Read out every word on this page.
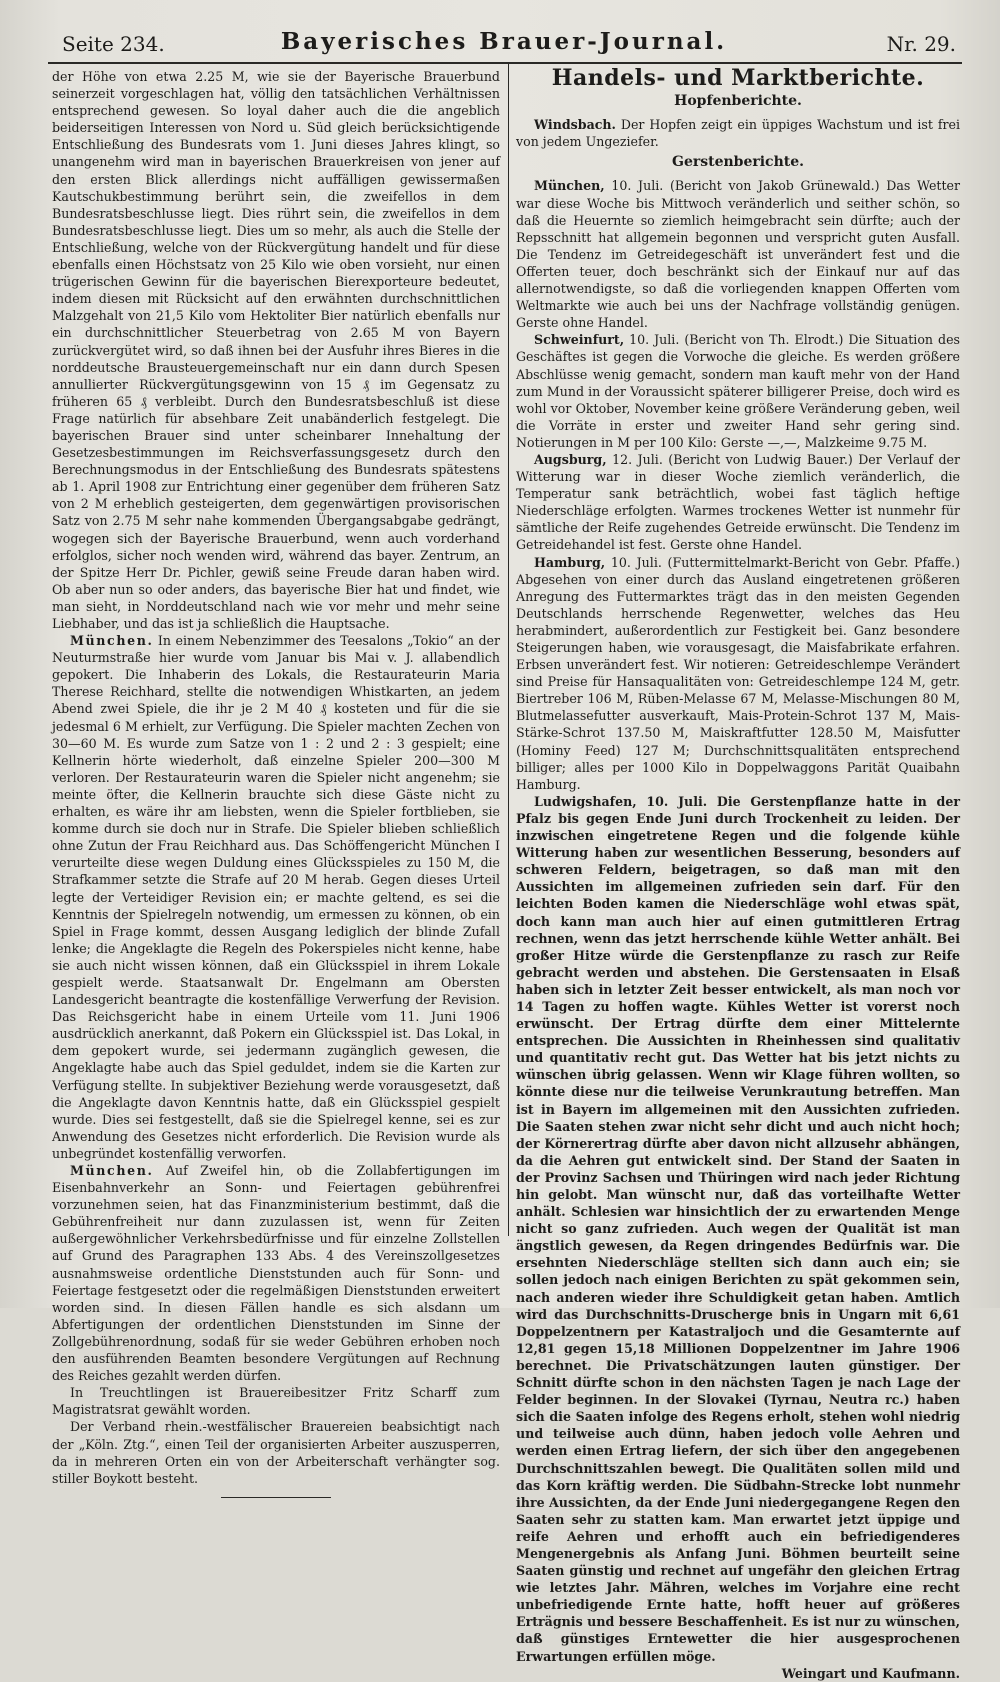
Seite 234.	Bayerisches Brauer-Journal.	Nr. 29.

der Höhe von etwa 2.25 M, wie sie der Bayerische Brauerbund seinerzeit vorgeschlagen hat, völlig den tatsächlichen Verhältnissen entsprechend gewesen. So loyal daher auch die die angeblich beiderseitigen Interessen von Nord u. Süd gleich berücksichtigende Entschließung des Bundesrats vom 1. Juni dieses Jahres klingt, so unangenehm wird man in bayerischen Brauerkreisen von jener auf den ersten Blick allerdings nicht auffälligen gewissermaßen Kautschukbestimmung berührt sein, die zweifellos in dem Bundesratsbeschlusse liegt. Dies rührt sein, die zweifellos in dem Bundesratsbeschlusse liegt. Dies um so mehr, als auch die Stelle der Entschließung, welche von der Rückvergütung handelt und für diese ebenfalls einen Höchstsatz von 25 Kilo wie oben vorsieht, nur einen trügerischen Gewinn für die bayerischen Bierexporteure bedeutet, indem diesen mit Rücksicht auf den erwähnten durchschnittlichen Malzgehalt von 21,5 Kilo vom Hektoliter Bier natürlich ebenfalls nur ein durchschnittlicher Steuerbetrag von 2.65 M von Bayern zurückvergütet wird, so daß ihnen bei der Ausfuhr ihres Bieres in die norddeutsche Brausteuergemeinschaft nur ein dann durch Spesen annullierter Rückvergütungsgewinn von 15 ₰ im Gegensatz zu früheren 65 ₰ verbleibt. Durch den Bundesratsbeschluß ist diese Frage natürlich für absehbare Zeit unabänderlich festgelegt. Die bayerischen Brauer sind unter scheinbarer Innehaltung der Gesetzesbestimmungen im Reichsverfassungsgesetz durch den Berechnungsmodus in der Entschließung des Bundesrats spätestens ab 1. April 1908 zur Entrichtung einer gegenüber dem früheren Satz von 2 M erheblich gesteigerten, dem gegenwärtigen provisorischen Satz von 2.75 M sehr nahe kommenden Übergangsabgabe gedrängt, wogegen sich der Bayerische Brauerbund, wenn auch vorderhand erfolglos, sicher noch wenden wird, während das bayer. Zentrum, an der Spitze Herr Dr. Pichler, gewiß seine Freude daran haben wird. Ob aber nun so oder anders, das bayerische Bier hat und findet, wie man sieht, in Norddeutschland nach wie vor mehr und mehr seine Liebhaber, und das ist ja schließlich die Hauptsache.

München. In einem Nebenzimmer des Teesalons „Tokio“ an der Neuturmstraße hier wurde vom Januar bis Mai v. J. allabendlich gepokert. Die Inhaberin des Lokals, die Restaurateurin Maria Therese Reichhard, stellte die notwendigen Whistkarten, an jedem Abend zwei Spiele, die ihr je 2 M 40 ₰ kosteten und für die sie jedesmal 6 M erhielt, zur Verfügung. Die Spieler machten Zechen von 30—60 M. Es wurde zum Satze von 1 : 2 und 2 : 3 gespielt; eine Kellnerin hörte wiederholt, daß einzelne Spieler 200—300 M verloren. Der Restaurateurin waren die Spieler nicht angenehm; sie meinte öfter, die Kellnerin brauchte sich diese Gäste nicht zu erhalten, es wäre ihr am liebsten, wenn die Spieler fortblieben, sie komme durch sie doch nur in Strafe. Die Spieler blieben schließlich ohne Zutun der Frau Reichhard aus. Das Schöffengericht München I verurteilte diese wegen Duldung eines Glücksspieles zu 150 M, die Strafkammer setzte die Strafe auf 20 M herab. Gegen dieses Urteil legte der Verteidiger Revision ein; er machte geltend, es sei die Kenntnis der Spielregeln notwendig, um ermessen zu können, ob ein Spiel in Frage kommt, dessen Ausgang lediglich der blinde Zufall lenke; die Angeklagte die Regeln des Pokerspieles nicht kenne, habe sie auch nicht wissen können, daß ein Glücksspiel in ihrem Lokale gespielt werde. Staatsanwalt Dr. Engelmann am Obersten Landesgericht beantragte die kostenfällige Verwerfung der Revision. Das Reichsgericht habe in einem Urteile vom 11. Juni 1906 ausdrücklich anerkannt, daß Pokern ein Glücksspiel ist. Das Lokal, in dem gepokert wurde, sei jedermann zugänglich gewesen, die Angeklagte habe auch das Spiel geduldet, indem sie die Karten zur Verfügung stellte. In subjektiver Beziehung werde vorausgesetzt, daß die Angeklagte davon Kenntnis hatte, daß ein Glücksspiel gespielt wurde. Dies sei festgestellt, daß sie die Spielregel kenne, sei es zur Anwendung des Gesetzes nicht erforderlich. Die Revision wurde als unbegründet kostenfällig verworfen.

München. Auf Zweifel hin, ob die Zollabfertigungen im Eisenbahnverkehr an Sonn- und Feiertagen gebührenfrei vorzunehmen seien, hat das Finanzministerium bestimmt, daß die Gebührenfreiheit nur dann zuzulassen ist, wenn für Zeiten außergewöhnlicher Verkehrsbedürfnisse und für einzelne Zollstellen auf Grund des Paragraphen 133 Abs. 4 des Vereinszollgesetzes ausnahmsweise ordentliche Dienststunden auch für Sonn- und Feiertage festgesetzt oder die regelmäßigen Dienststunden erweitert worden sind. In diesen Fällen handle es sich alsdann um Abfertigungen der ordentlichen Dienststunden im Sinne der Zollgebührenordnung, sodaß für sie weder Gebühren erhoben noch den ausführenden Beamten besondere Vergütungen auf Rechnung des Reiches gezahlt werden dürfen.

In Treuchtlingen ist Brauereibesitzer Fritz Scharff zum Magistratsrat gewählt worden.

Der Verband rhein.-westfälischer Brauereien beabsichtigt nach der „Köln. Ztg.“, einen Teil der organisierten Arbeiter auszusperren, da in mehreren Orten ein von der Arbeiterschaft verhängter sog. stiller Boykott besteht.

Handels- und Marktberichte.
Hopfenberichte.

Windsbach. Der Hopfen zeigt ein üppiges Wachstum und ist frei von jedem Ungeziefer.

Gerstenberichte.

München, 10. Juli. (Bericht von Jakob Grünewald.) Das Wetter war diese Woche bis Mittwoch veränderlich und seither schön, so daß die Heuernte so ziemlich heimgebracht sein dürfte; auch der Repsschnitt hat allgemein begonnen und verspricht guten Ausfall. Die Tendenz im Getreidegeschäft ist unverändert fest und die Offerten teuer, doch beschränkt sich der Einkauf nur auf das allernotwendigste, so daß die vorliegenden knappen Offerten vom Weltmarkte wie auch bei uns der Nachfrage vollständig genügen. Gerste ohne Handel.

Schweinfurt, 10. Juli. (Bericht von Th. Elrodt.) Die Situation des Geschäftes ist gegen die Vorwoche die gleiche. Es werden größere Abschlüsse wenig gemacht, sondern man kauft mehr von der Hand zum Mund in der Voraussicht späterer billigerer Preise, doch wird es wohl vor Oktober, November keine größere Veränderung geben, weil die Vorräte in erster und zweiter Hand sehr gering sind. Notierungen in M per 100 Kilo: Gerste —,—, Malzkeime 9.75 M.

Augsburg, 12. Juli. (Bericht von Ludwig Bauer.) Der Verlauf der Witterung war in dieser Woche ziemlich veränderlich, die Temperatur sank beträchtlich, wobei fast täglich heftige Niederschläge erfolgten. Warmes trockenes Wetter ist nunmehr für sämtliche der Reife zugehendes Getreide erwünscht. Die Tendenz im Getreidehandel ist fest. Gerste ohne Handel.

Hamburg, 10. Juli. (Futtermittelmarkt-Bericht von Gebr. Pfaffe.) Abgesehen von einer durch das Ausland eingetretenen größeren Anregung des Futtermarktes trägt das in den meisten Gegenden Deutschlands herrschende Regenwetter, welches das Heu herabmindert, außerordentlich zur Festigkeit bei. Ganz besondere Steigerungen haben, wie vorausgesagt, die Maisfabrikate erfahren. Erbsen unverändert fest. Wir notieren: Getreideschlempe Verändert sind Preise für Hansaqualitäten von: Getreideschlempe 124 M, getr. Biertreber 106 M, Rüben-Melasse 67 M, Melasse-Mischungen 80 M, Blutmelassefutter ausverkauft, Mais-Protein-Schrot 137 M, Mais-Stärke-Schrot 137.50 M, Maiskraftfutter 128.50 M, Maisfutter (Hominy Feed) 127 M; Durchschnittsqualitäten entsprechend billiger; alles per 1000 Kilo in Doppelwaggons Parität Quaibahn Hamburg.

Ludwigshafen, 10. Juli. Die Gerstenpflanze hatte in der Pfalz bis gegen Ende Juni durch Trockenheit zu leiden. Der inzwischen eingetretene Regen und die folgende kühle Witterung haben zur wesentlichen Besserung, besonders auf schweren Feldern, beigetragen, so daß man mit den Aussichten im allgemeinen zufrieden sein darf. Für den leichten Boden kamen die Niederschläge wohl etwas spät, doch kann man auch hier auf einen gutmittleren Ertrag rechnen, wenn das jetzt herrschende kühle Wetter anhält. Bei großer Hitze würde die Gerstenpflanze zu rasch zur Reife gebracht werden und abstehen. Die Gerstensaaten in Elsaß haben sich in letzter Zeit besser entwickelt, als man noch vor 14 Tagen zu hoffen wagte. Kühles Wetter ist vorerst noch erwünscht. Der Ertrag dürfte dem einer Mittelernte entsprechen. Die Aussichten in Rheinhessen sind qualitativ und quantitativ recht gut. Das Wetter hat bis jetzt nichts zu wünschen übrig gelassen. Wenn wir Klage führen wollten, so könnte diese nur die teilweise Verunkrautung betreffen. Man ist in Bayern im allgemeinen mit den Aussichten zufrieden. Die Saaten stehen zwar nicht sehr dicht und auch nicht hoch; der Körnerertrag dürfte aber davon nicht allzusehr abhängen, da die Aehren gut entwickelt sind. Der Stand der Saaten in der Provinz Sachsen und Thüringen wird nach jeder Richtung hin gelobt. Man wünscht nur, daß das vorteilhafte Wetter anhält. Schlesien war hinsichtlich der zu erwartenden Menge nicht so ganz zufrieden. Auch wegen der Qualität ist man ängstlich gewesen, da Regen dringendes Bedürfnis war. Die ersehnten Niederschläge stellten sich dann auch ein; sie sollen jedoch nach einigen Berichten zu spät gekommen sein, nach anderen wieder ihre Schuldigkeit getan haben. Amtlich wird das Durchschnitts-Druscherge bnis in Ungarn mit 6,61 Doppelzentnern per Katastraljoch und die Gesamternte auf 12,81 gegen 15,18 Millionen Doppelzentner im Jahre 1906 berechnet. Die Privatschätzungen lauten günstiger. Der Schnitt dürfte schon in den nächsten Tagen je nach Lage der Felder beginnen. In der Slovakei (Tyrnau, Neutra rc.) haben sich die Saaten infolge des Regens erholt, stehen wohl niedrig und teilweise auch dünn, haben jedoch volle Aehren und werden einen Ertrag liefern, der sich über den angegebenen Durchschnittszahlen bewegt. Die Qualitäten sollen mild und das Korn kräftig werden. Die Südbahn-Strecke lobt nunmehr ihre Aussichten, da der Ende Juni niedergegangene Regen den Saaten sehr zu statten kam. Man erwartet jetzt üppige und reife Aehren und erhofft auch ein befriedigenderes Mengenergebnis als Anfang Juni. Böhmen beurteilt seine Saaten günstig und rechnet auf ungefähr den gleichen Ertrag wie letztes Jahr. Mähren, welches im Vorjahre eine recht unbefriedigende Ernte hatte, hofft heuer auf größeres Erträgnis und bessere Beschaffenheit. Es ist nur zu wünschen, daß günstiges Erntewetter die hier ausgesprochenen Erwartungen erfüllen möge.

Weingart und Kaufmann.
